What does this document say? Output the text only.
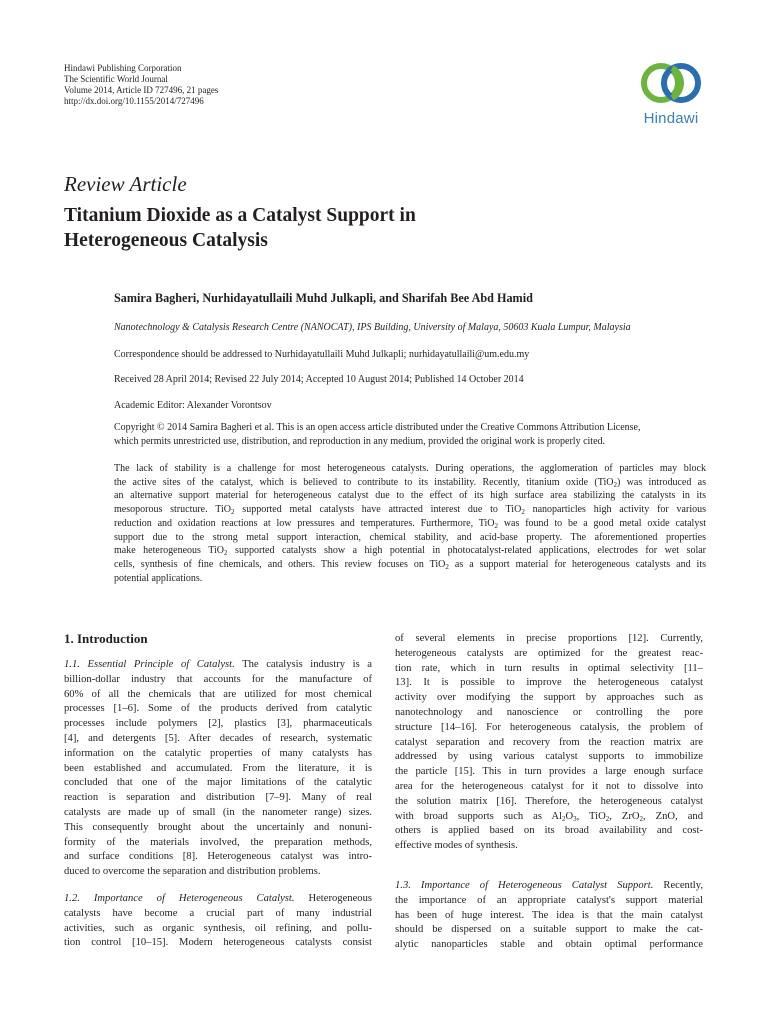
Hindawi Publishing Corporation
The Scientific World Journal
Volume 2014, Article ID 727496, 21 pages
http://dx.doi.org/10.1155/2014/727496
Hindawi
Review Article
Titanium Dioxide as a Catalyst Support in
Heterogeneous Catalysis
Samira Bagheri, Nurhidayatullaili Muhd Julkapli, and Sharifah Bee Abd Hamid
Nanotechnology & Catalysis Research Centre (NANOCAT), IPS Building, University of Malaya, 50603 Kuala Lumpur, Malaysia
Correspondence should be addressed to Nurhidayatullaili Muhd Julkapli; nurhidayatullaili@um.edu.my
Received 28 April 2014; Revised 22 July 2014; Accepted 10 August 2014; Published 14 October 2014
Academic Editor: Alexander Vorontsov
Copyright © 2014 Samira Bagheri et al. This is an open access article distributed under the Creative Commons Attribution License,
which permits unrestricted use, distribution, and reproduction in any medium, provided the original work is properly cited.
The lack of stability is a challenge for most heterogeneous catalysts. During operations, the agglomeration of particles may block
the active sites of the catalyst, which is believed to contribute to its instability. Recently, titanium oxide (TiO$_2$) was introduced as
an alternative support material for heterogeneous catalyst due to the effect of its high surface area stabilizing the catalysts in its
mesoporous structure. TiO$_2$ supported metal catalysts have attracted interest due to TiO$_2$ nanoparticles high activity for various
reduction and oxidation reactions at low pressures and temperatures. Furthermore, TiO$_2$ was found to be a good metal oxide catalyst
support due to the strong metal support interaction, chemical stability, and acid-base property. The aforementioned properties
make heterogeneous TiO$_2$ supported catalysts show a high potential in photocatalyst-related applications, electrodes for wet solar
cells, synthesis of fine chemicals, and others. This review focuses on TiO$_2$ as a support material for heterogeneous catalysts and its
potential applications.
1. Introduction
1.1. Essential Principle of Catalyst. The catalysis industry is a
billion-dollar industry that accounts for the manufacture of
60% of all the chemicals that are utilized for most chemical
processes [1–6]. Some of the products derived from catalytic
processes include polymers [2], plastics [3], pharmaceuticals
[4], and detergents [5]. After decades of research, systematic
information on the catalytic properties of many catalysts has
been established and accumulated. From the literature, it is
concluded that one of the major limitations of the catalytic
reaction is separation and distribution [7–9]. Many of real
catalysts are made up of small (in the nanometer range) sizes.
This consequently brought about the uncertainly and nonuni-
formity of the materials involved, the preparation methods,
and surface conditions [8]. Heterogeneous catalyst was intro-
duced to overcome the separation and distribution problems.
1.2. Importance of Heterogeneous Catalyst. Heterogeneous
catalysts have become a crucial part of many industrial
activities, such as organic synthesis, oil refining, and pollu-
tion control [10–15]. Modern heterogeneous catalysts consist
of several elements in precise proportions [12]. Currently,
heterogeneous catalysts are optimized for the greatest reac-
tion rate, which in turn results in optimal selectivity [11–
13]. It is possible to improve the heterogeneous catalyst
activity over modifying the support by approaches such as
nanotechnology and nanoscience or controlling the pore
structure [14–16]. For heterogeneous catalysis, the problem of
catalyst separation and recovery from the reaction matrix are
addressed by using various catalyst supports to immobilize
the particle [15]. This in turn provides a large enough surface
area for the heterogeneous catalyst for it not to dissolve into
the solution matrix [16]. Therefore, the heterogeneous catalyst
with broad supports such as $Al_2O_3$, TiO$_2$, ZrO$_2$, ZnO, and
others is applied based on its broad availability and cost-
effective modes of synthesis.
1.3. Importance of Heterogeneous Catalyst Support. Recently,
the importance of an appropriate catalyst's support material
has been of huge interest. The idea is that the main catalyst
should be dispersed on a suitable support to make the cat-
alytic nanoparticles stable and obtain optimal performance
